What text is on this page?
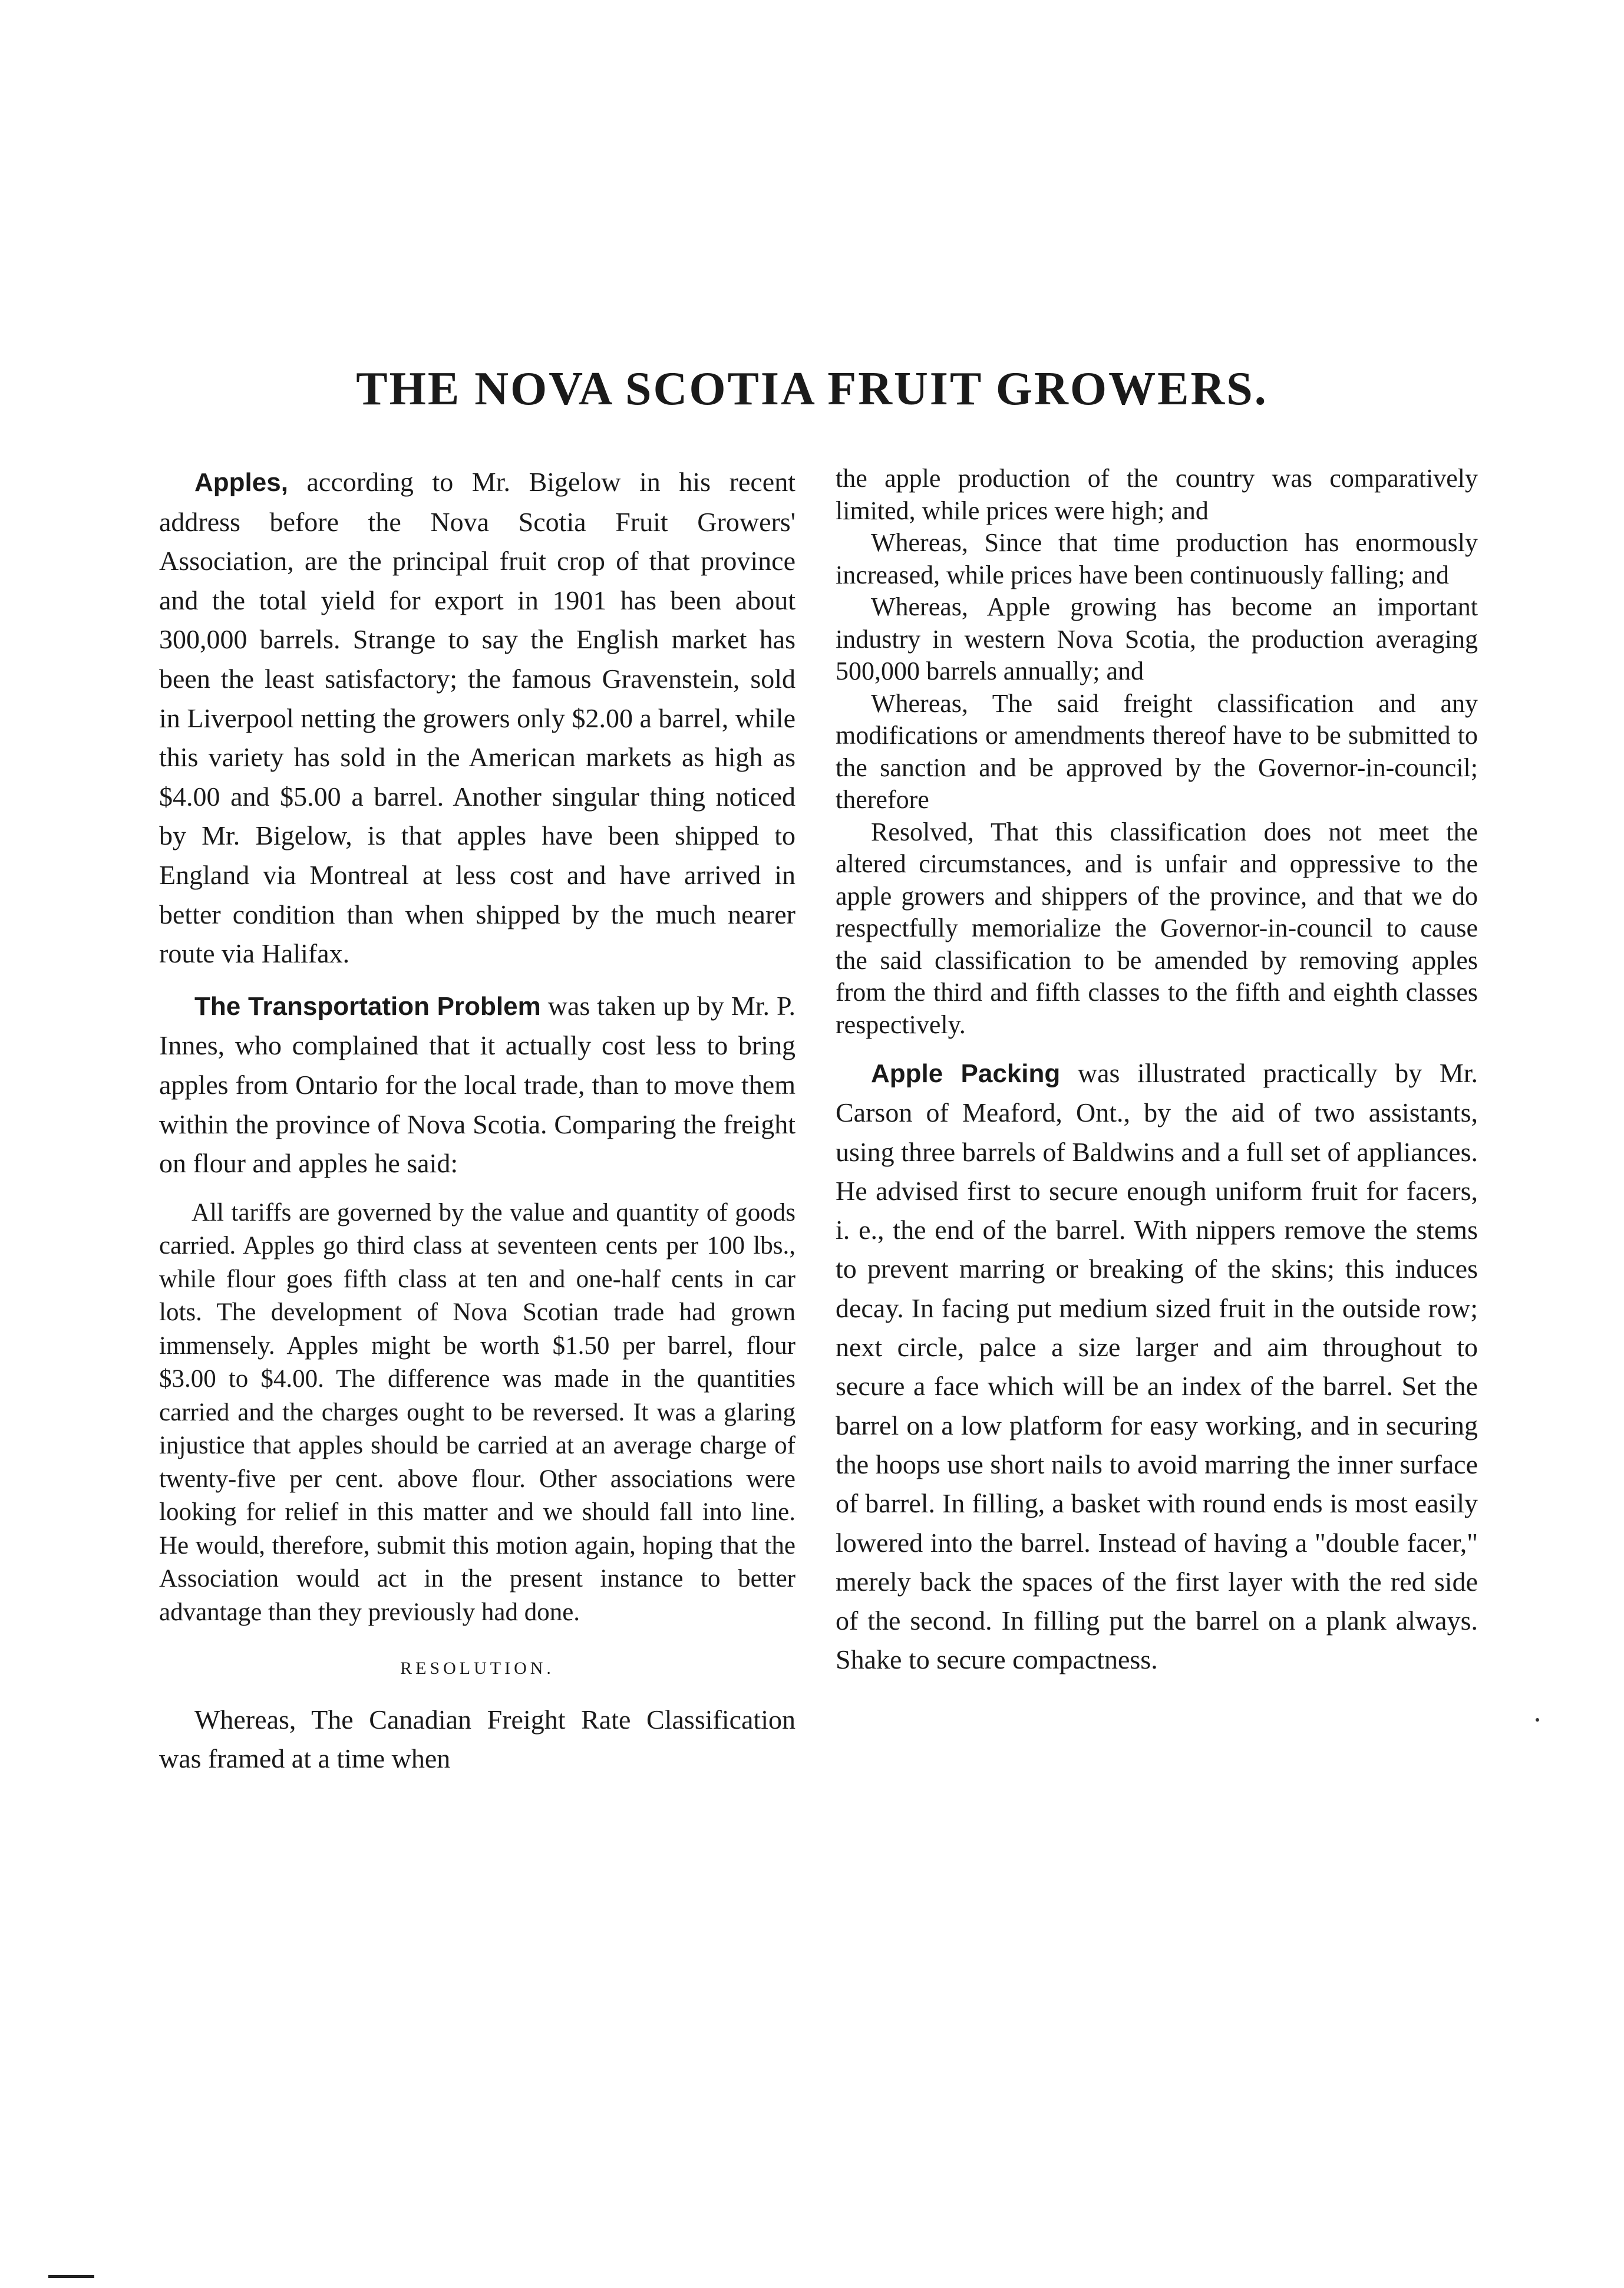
THE NOVA SCOTIA FRUIT GROWERS.

Apples, according to Mr. Bigelow in his recent address before the Nova Scotia Fruit Growers' Association, are the principal fruit crop of that province and the total yield for export in 1901 has been about 300,000 barrels. Strange to say the English market has been the least satisfactory; the famous Gravenstein, sold in Liverpool netting the growers only $2.00 a barrel, while this variety has sold in the American markets as high as $4.00 and $5.00 a barrel. Another singular thing noticed by Mr. Bigelow, is that apples have been shipped to England via Montreal at less cost and have arrived in better condition than when shipped by the much nearer route via Halifax.

The Transportation Problem was taken up by Mr. P. Innes, who complained that it actually cost less to bring apples from Ontario for the local trade, than to move them within the province of Nova Scotia. Comparing the freight on flour and apples he said:

All tariffs are governed by the value and quantity of goods carried. Apples go third class at seventeen cents per 100 lbs., while flour goes fifth class at ten and one-half cents in car lots. The development of Nova Scotian trade had grown immensely. Apples might be worth $1.50 per barrel, flour $3.00 to $4.00. The difference was made in the quantities carried and the charges ought to be reversed. It was a glaring injustice that apples should be carried at an average charge of twenty-five per cent. above flour. Other associations were looking for relief in this matter and we should fall into line. He would, therefore, submit this motion again, hoping that the Association would act in the present instance to better advantage than they previously had done.

RESOLUTION.

Whereas, The Canadian Freight Rate Classification was framed at a time when

the apple production of the country was comparatively limited, while prices were high; and

Whereas, Since that time production has enormously increased, while prices have been continuously falling; and

Whereas, Apple growing has become an important industry in western Nova Scotia, the production averaging 500,000 barrels annually; and

Whereas, The said freight classification and any modifications or amendments thereof have to be submitted to the sanction and be approved by the Governor-in-council; therefore

Resolved, That this classification does not meet the altered circumstances, and is unfair and oppressive to the apple growers and shippers of the province, and that we do respectfully memorialize the Governor-in-council to cause the said classification to be amended by removing apples from the third and fifth classes to the fifth and eighth classes respectively.

Apple Packing was illustrated practically by Mr. Carson of Meaford, Ont., by the aid of two assistants, using three barrels of Baldwins and a full set of appliances. He advised first to secure enough uniform fruit for facers, i. e., the end of the barrel. With nippers remove the stems to prevent marring or breaking of the skins; this induces decay. In facing put medium sized fruit in the outside row; next circle, palce a size larger and aim throughout to secure a face which will be an index of the barrel. Set the barrel on a low platform for easy working, and in securing the hoops use short nails to avoid marring the inner surface of barrel. In filling, a basket with round ends is most easily lowered into the barrel. Instead of having a "double facer," merely back the spaces of the first layer with the red side of the second. In filling put the barrel on a plank always. Shake to secure compactness.
